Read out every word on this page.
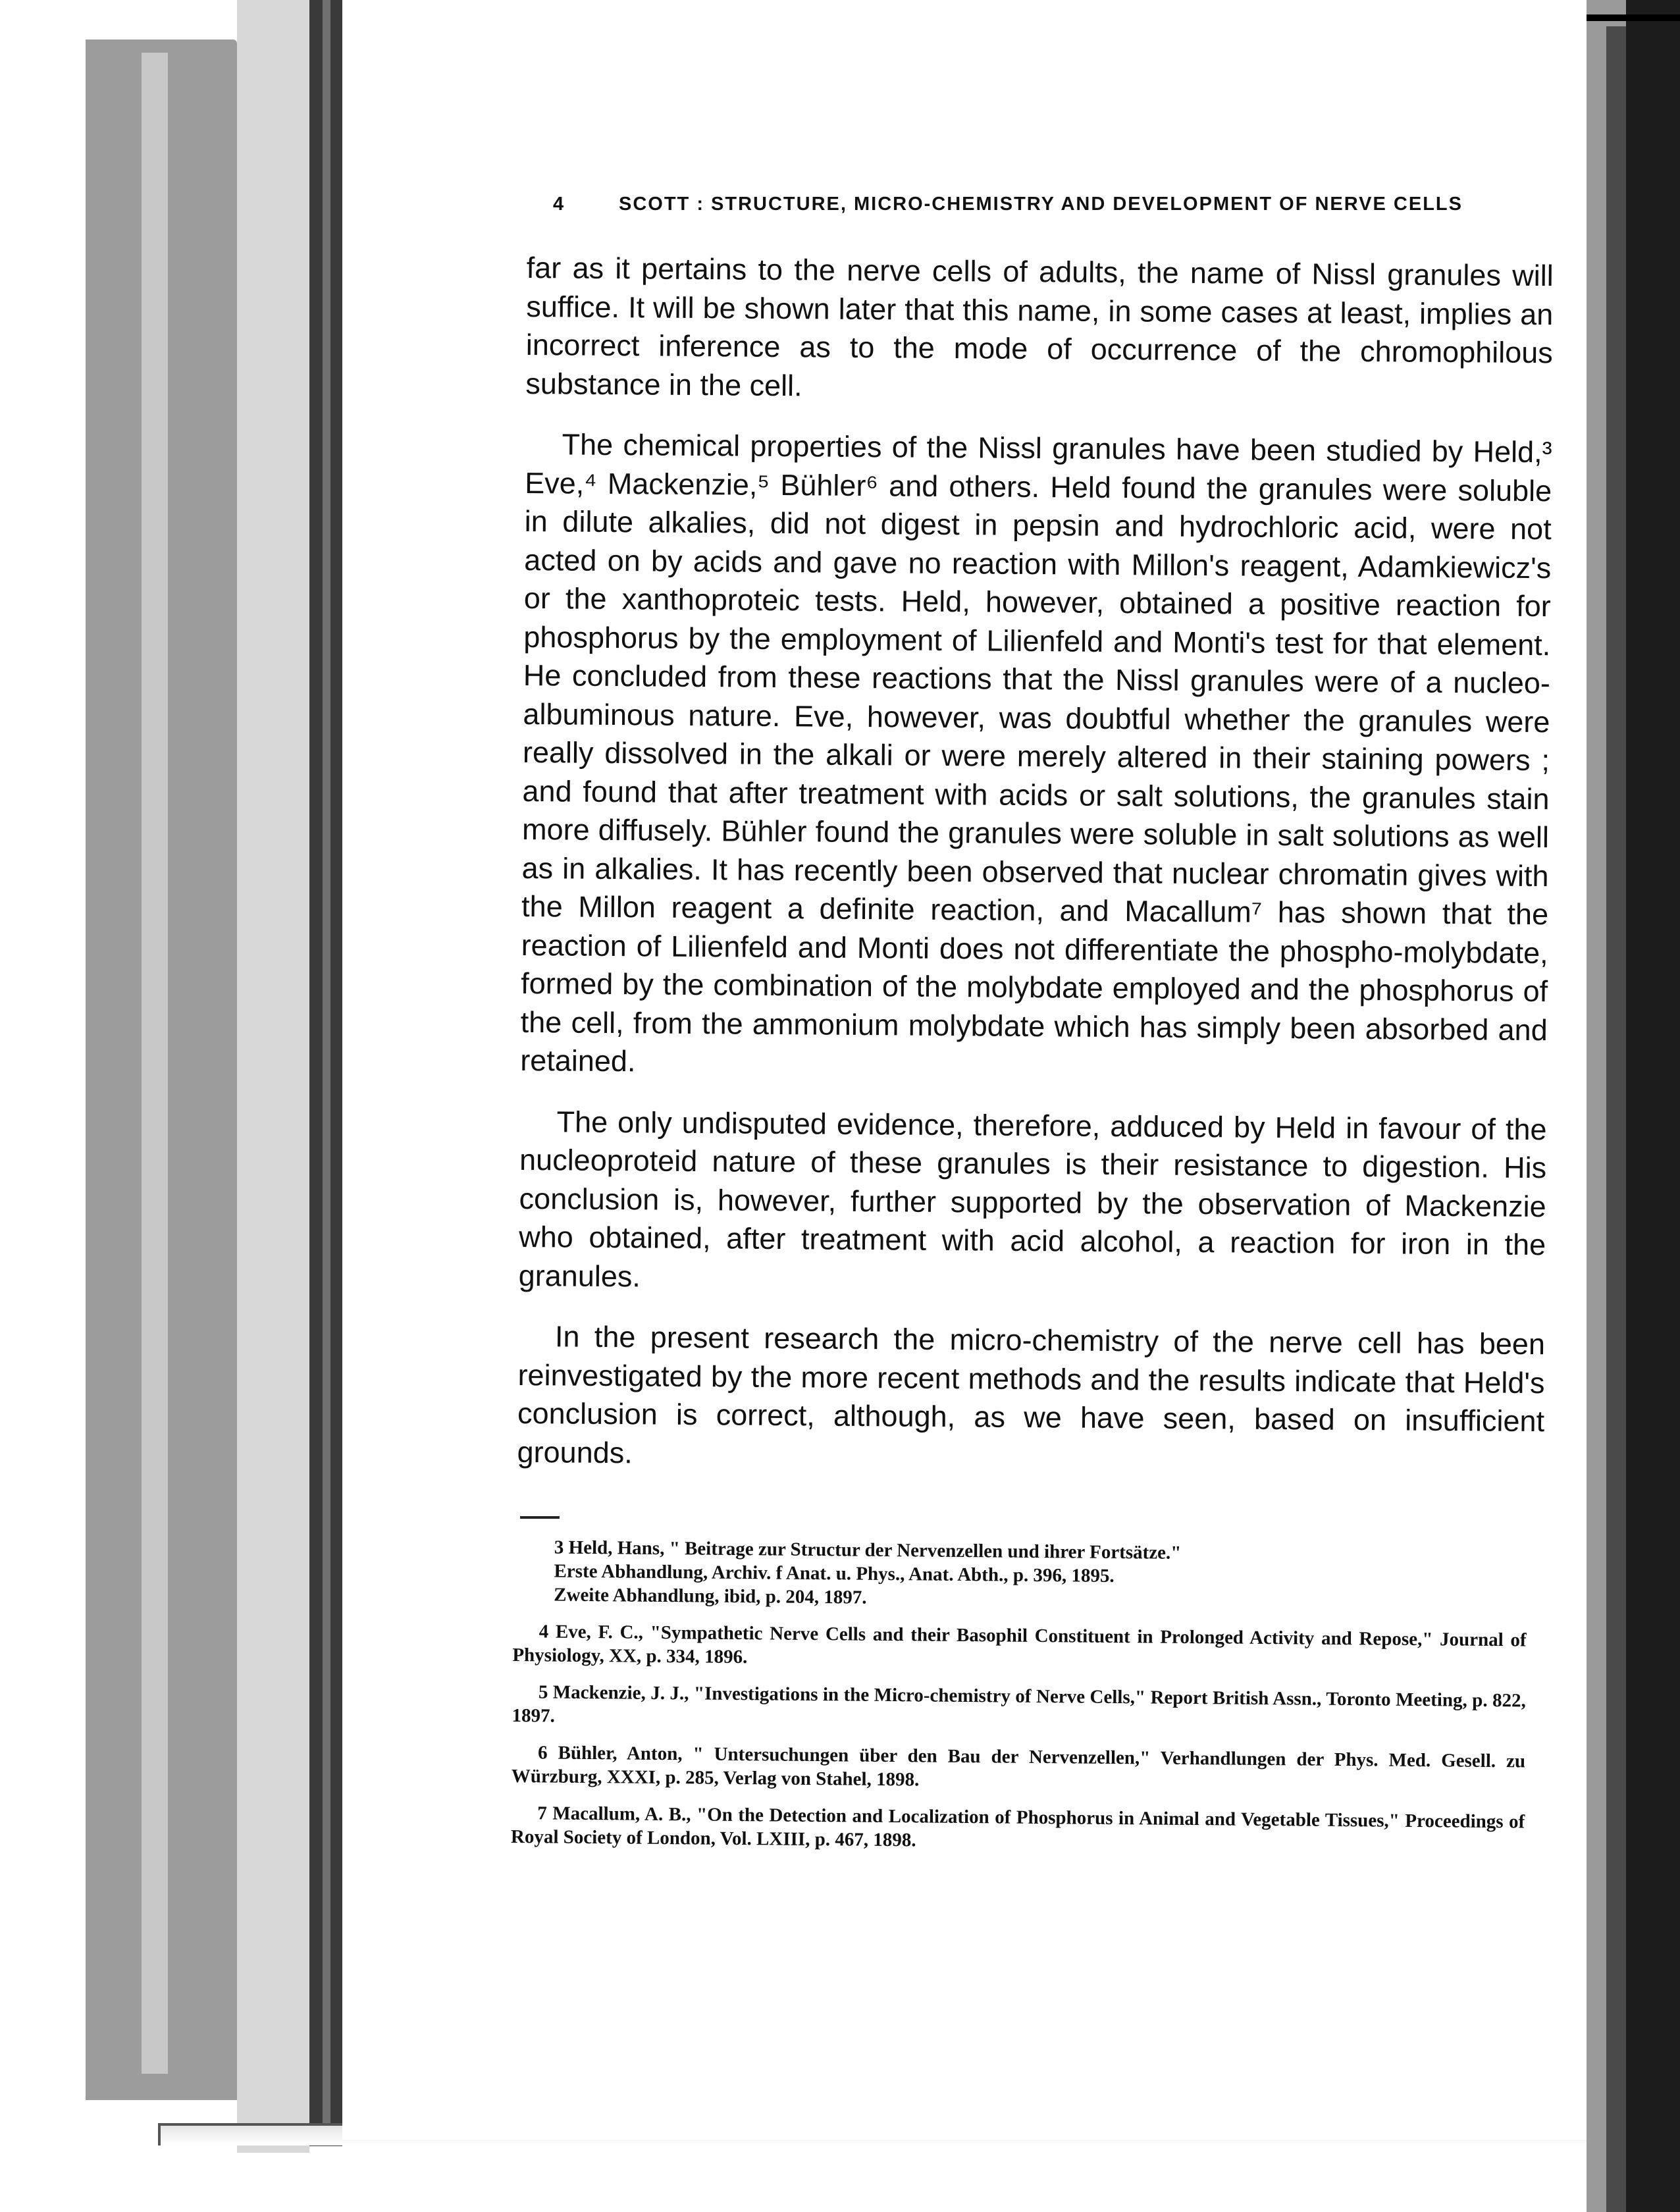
4	SCOTT : STRUCTURE, MICRO-CHEMISTRY AND DEVELOPMENT OF NERVE CELLS

far as it pertains to the nerve cells of adults, the name of Nissl granules will suffice. It will be shown later that this name, in some cases at least, implies an incorrect inference as to the mode of occurrence of the chromophilous substance in the cell.

The chemical properties of the Nissl granules have been studied by Held,³ Eve,⁴ Mackenzie,⁵ Bühler⁶ and others. Held found the granules were soluble in dilute alkalies, did not digest in pepsin and hydrochloric acid, were not acted on by acids and gave no reaction with Millon's reagent, Adamkiewicz's or the xanthoproteic tests. Held, however, obtained a positive reaction for phosphorus by the employment of Lilienfeld and Monti's test for that element. He concluded from these reactions that the Nissl granules were of a nucleo-albuminous nature. Eve, however, was doubtful whether the granules were really dissolved in the alkali or were merely altered in their staining powers ; and found that after treatment with acids or salt solutions, the granules stain more diffusely. Bühler found the granules were soluble in salt solutions as well as in alkalies. It has recently been observed that nuclear chromatin gives with the Millon reagent a definite reaction, and Macallum⁷ has shown that the reaction of Lilienfeld and Monti does not differentiate the phospho-molybdate, formed by the combination of the molybdate employed and the phosphorus of the cell, from the ammonium molybdate which has simply been absorbed and retained.

The only undisputed evidence, therefore, adduced by Held in favour of the nucleoproteid nature of these granules is their resistance to digestion. His conclusion is, however, further supported by the observation of Mackenzie who obtained, after treatment with acid alcohol, a reaction for iron in the granules.

In the present research the micro-chemistry of the nerve cell has been reinvestigated by the more recent methods and the results indicate that Held's conclusion is correct, although, as we have seen, based on insufficient grounds.

3 Held, Hans, " Beitrage zur Structur der Nervenzellen und ihrer Fortsätze."
Erste Abhandlung, Archiv. f Anat. u. Phys., Anat. Abth., p. 396, 1895.
Zweite Abhandlung, ibid, p. 204, 1897.
4 Eve, F. C., "Sympathetic Nerve Cells and their Basophil Constituent in Prolonged Activity and Repose," Journal of Physiology, XX, p. 334, 1896.
5 Mackenzie, J. J., "Investigations in the Micro-chemistry of Nerve Cells," Report British Assn., Toronto Meeting, p. 822, 1897.
6 Bühler, Anton, " Untersuchungen über den Bau der Nervenzellen," Verhandlungen der Phys. Med. Gesell. zu Würzburg, XXXI, p. 285, Verlag von Stahel, 1898.
7 Macallum, A. B., "On the Detection and Localization of Phosphorus in Animal and Vegetable Tissues," Proceedings of Royal Society of London, Vol. LXIII, p. 467, 1898.
